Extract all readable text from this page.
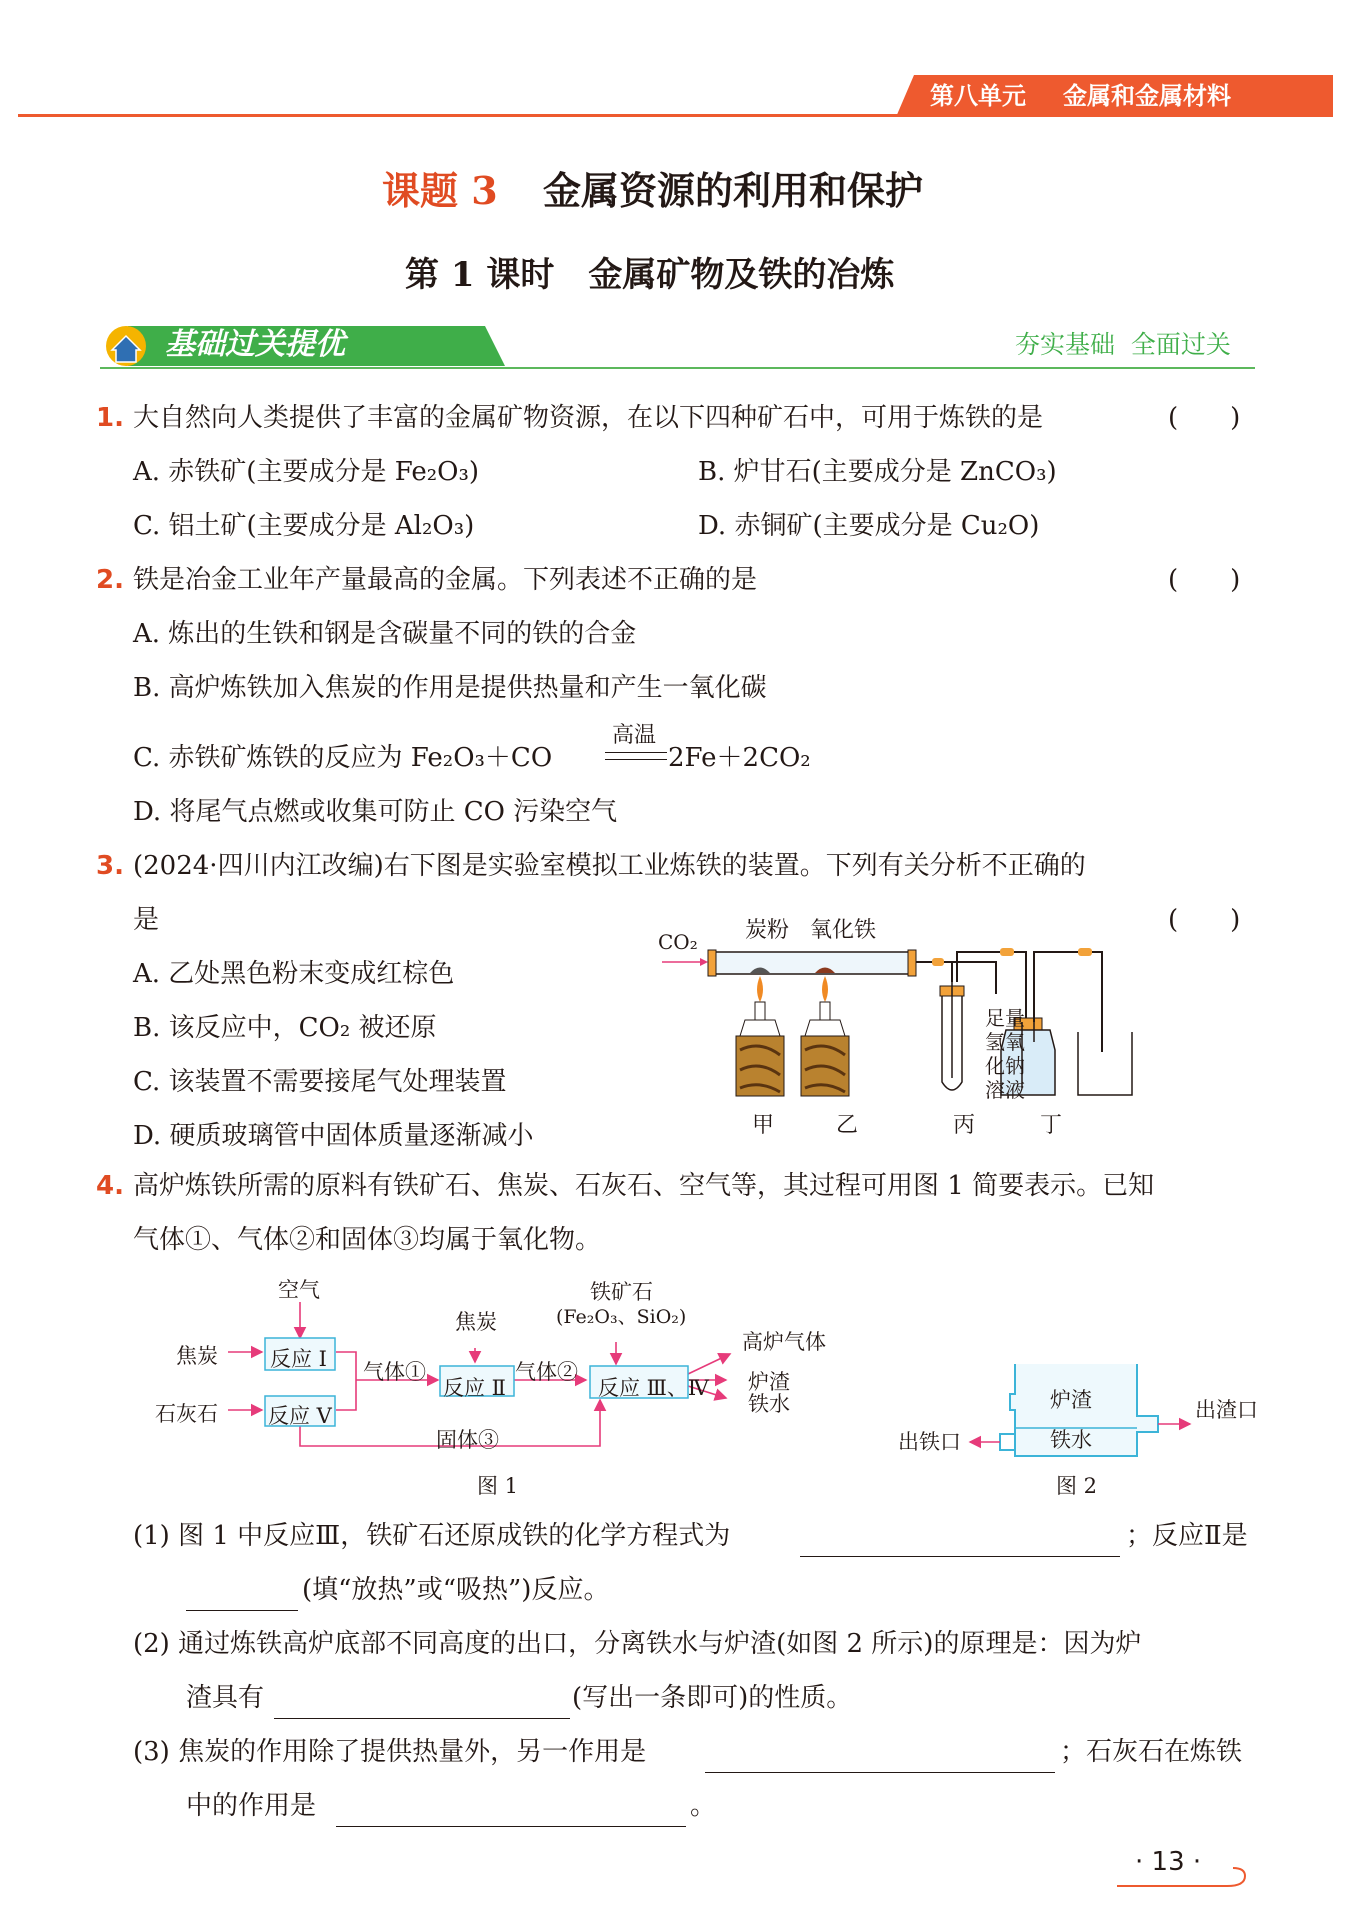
第八单元 金属和金属材料
课题 3 金属资源的利用和保护
第 1 课时　金属矿物及铁的冶炼
基础过关提优	夯实基础  全面过关
1. 大自然向人类提供了丰富的金属矿物资源，在以下四种矿石中，可用于炼铁的是	(　　)
A. 赤铁矿(主要成分是 Fe₂O₃)	B. 炉甘石(主要成分是 ZnCO₃)
C. 铝土矿(主要成分是 Al₂O₃)	D. 赤铜矿(主要成分是 Cu₂O)
2. 铁是冶金工业年产量最高的金属。下列表述不正确的是	(　　)
A. 炼出的生铁和钢是含碳量不同的铁的合金
B. 高炉炼铁加入焦炭的作用是提供热量和产生一氧化碳
C. 赤铁矿炼铁的反应为 Fe₂O₃＋CO
高温
2Fe＋2CO₂
D. 将尾气点燃或收集可防止 CO 污染空气
3. (2024·四川内江改编)右下图是实验室模拟工业炼铁的装置。下列有关分析不正确的
是	(　　)
A. 乙处黑色粉末变成红棕色
B. 该反应中，CO₂ 被还原
C. 该装置不需要接尾气处理装置
D. 硬质玻璃管中固体质量逐渐减小
CO₂ 炭粉 氧化铁
足量
氢氧
化钠
溶液
甲	乙	丙	丁
4. 高炉炼铁所需的原料有铁矿石、焦炭、石灰石、空气等，其过程可用图 1 简要表示。已知
气体①、气体②和固体③均属于氧化物。
空气
焦炭
石灰石
反应 Ⅰ
反应 Ⅴ
气体①
焦炭
反应 Ⅱ
气体②
铁矿石
(Fe₂O₃、SiO₂)
反应 Ⅲ、Ⅳ
高炉气体
炉渣
铁水
固体③
图 1
炉渣
铁水
出渣口
出铁口
图 2
(1) 图 1 中反应Ⅲ，铁矿石还原成铁的化学方程式为	；反应Ⅱ是
(填“放热”或“吸热”)反应。
(2) 通过炼铁高炉底部不同高度的出口，分离铁水与炉渣(如图 2 所示)的原理是：因为炉
渣具有	(写出一条即可)的性质。
(3) 焦炭的作用除了提供热量外，另一作用是	；石灰石在炼铁
中的作用是	。
· 13 ·
